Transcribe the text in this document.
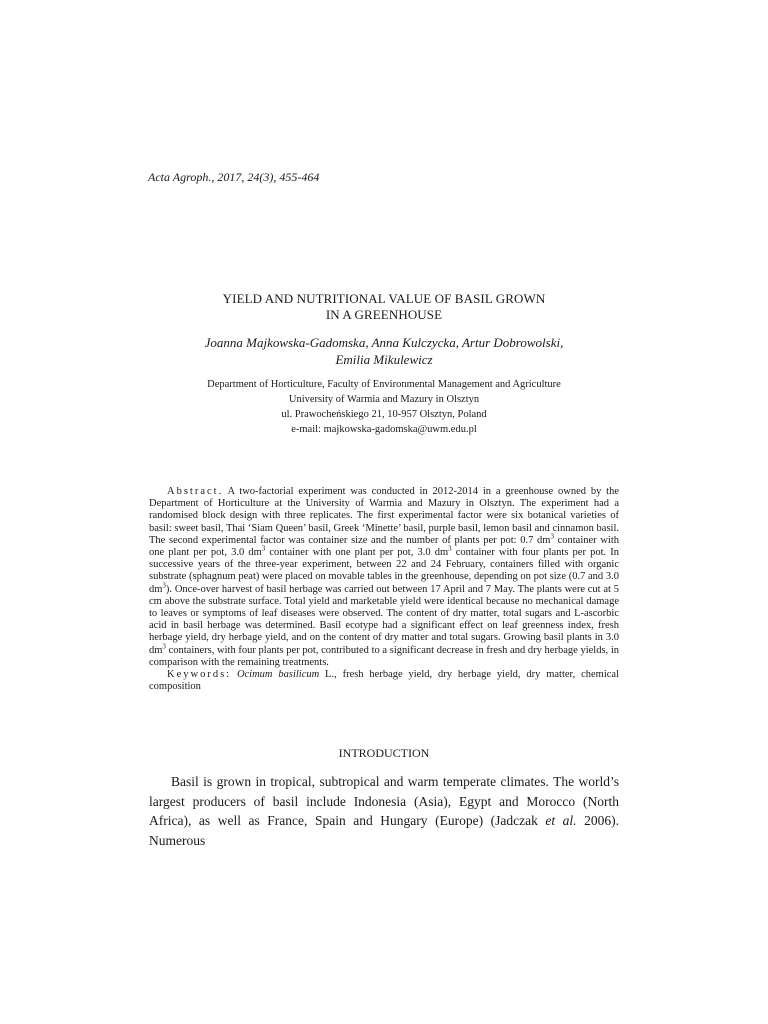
Acta Agroph., 2017, 24(3), 455-464
YIELD AND NUTRITIONAL VALUE OF BASIL GROWN
IN A GREENHOUSE
Joanna Majkowska-Gadomska, Anna Kulczycka, Artur Dobrowolski,
Emilia Mikulewicz
Department of Horticulture, Faculty of Environmental Management and Agriculture
University of Warmia and Mazury in Olsztyn
ul. Prawocheńskiego 21, 10-957 Olsztyn, Poland
e-mail: majkowska-gadomska@uwm.edu.pl

Abstract. A two-factorial experiment was conducted in 2012-2014 in a greenhouse owned by the Department of Horticulture at the University of Warmia and Mazury in Olsztyn. The experiment had a randomised block design with three replicates. The first experimental factor were six botanical varieties of basil: sweet basil, Thai ‘Siam Queen’ basil, Greek ‘Minette’ basil, purple basil, lemon basil and cinnamon basil. The second experimental factor was container size and the number of plants per pot: 0.7 $dm^3$ container with one plant per pot, 3.0 $dm^3$ container with one plant per pot, 3.0 $dm^3$ container with four plants per pot. In successive years of the three-year experiment, between 22 and 24 February, containers filled with organic substrate (sphagnum peat) were placed on movable tables in the greenhouse, depending on pot size (0.7 and 3.0 $dm^3$). Once-over harvest of basil herbage was carried out between 17 April and 7 May. The plants were cut at 5 cm above the substrate surface. Total yield and marketable yield were identical because no mechanical damage to leaves or symptoms of leaf diseases were observed. The content of dry matter, total sugars and L-ascorbic acid in basil herbage was determined. Basil ecotype had a significant effect on leaf greenness index, fresh herbage yield, dry herbage yield, and on the content of dry matter and total sugars. Growing basil plants in 3.0 $dm^3$ containers, with four plants per pot, contributed to a significant decrease in fresh and dry herbage yields, in comparison with the remaining treatments.

Keywords: Ocimum basilicum L., fresh herbage yield, dry herbage yield, dry matter, chemical composition

INTRODUCTION

Basil is grown in tropical, subtropical and warm temperate climates. The world’s largest producers of basil include Indonesia (Asia), Egypt and Morocco (North Africa), as well as France, Spain and Hungary (Europe) (Jadczak et al. 2006). Numerous
